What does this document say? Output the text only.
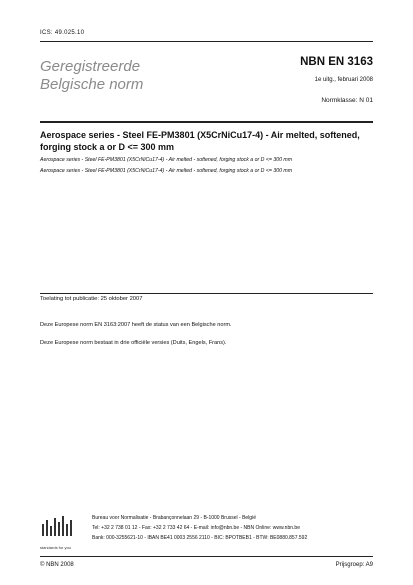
ICS: 49.025.10
Geregistreerde
Belgische norm
NBN EN 3163
1e uitg., februari 2008
Normklasse: N 01
Aerospace series - Steel FE-PM3801 (X5CrNiCu17-4) - Air melted, softened, forging stock a or D <= 300 mm
Aerospace series - Steel FE-PM3801 (X5CrNiCu17-4) - Air melted - softened, forging stock a or D <= 300 mm
Aerospace series - Steel FE-PM3801 (X5CrNiCu17-4) - Air melted - softened, forging stock a or D <= 300 mm
Toelating tot publicatie: 25 oktober 2007
Deze Europese norm EN 3163:2007 heeft de status van een Belgische norm.
Deze Europese norm bestaat in drie officiële versies (Duits, Engels, Frans).
standards for you
Bureau voor Normalisatie - Brabançonnelaan 29 - B-1000 Brussel - België
Tel: +32 2 738 01 12 - Fax: +32 2 733 42 64 - E-mail: info@nbn.be - NBN Online: www.nbn.be
Bank: 000-3255621-10 - IBAN BE41 0003 2556 2110 - BIC: BPOTBEB1 - BTW: BE0880.857.592
© NBN 2008	Prijsgroep: A9
